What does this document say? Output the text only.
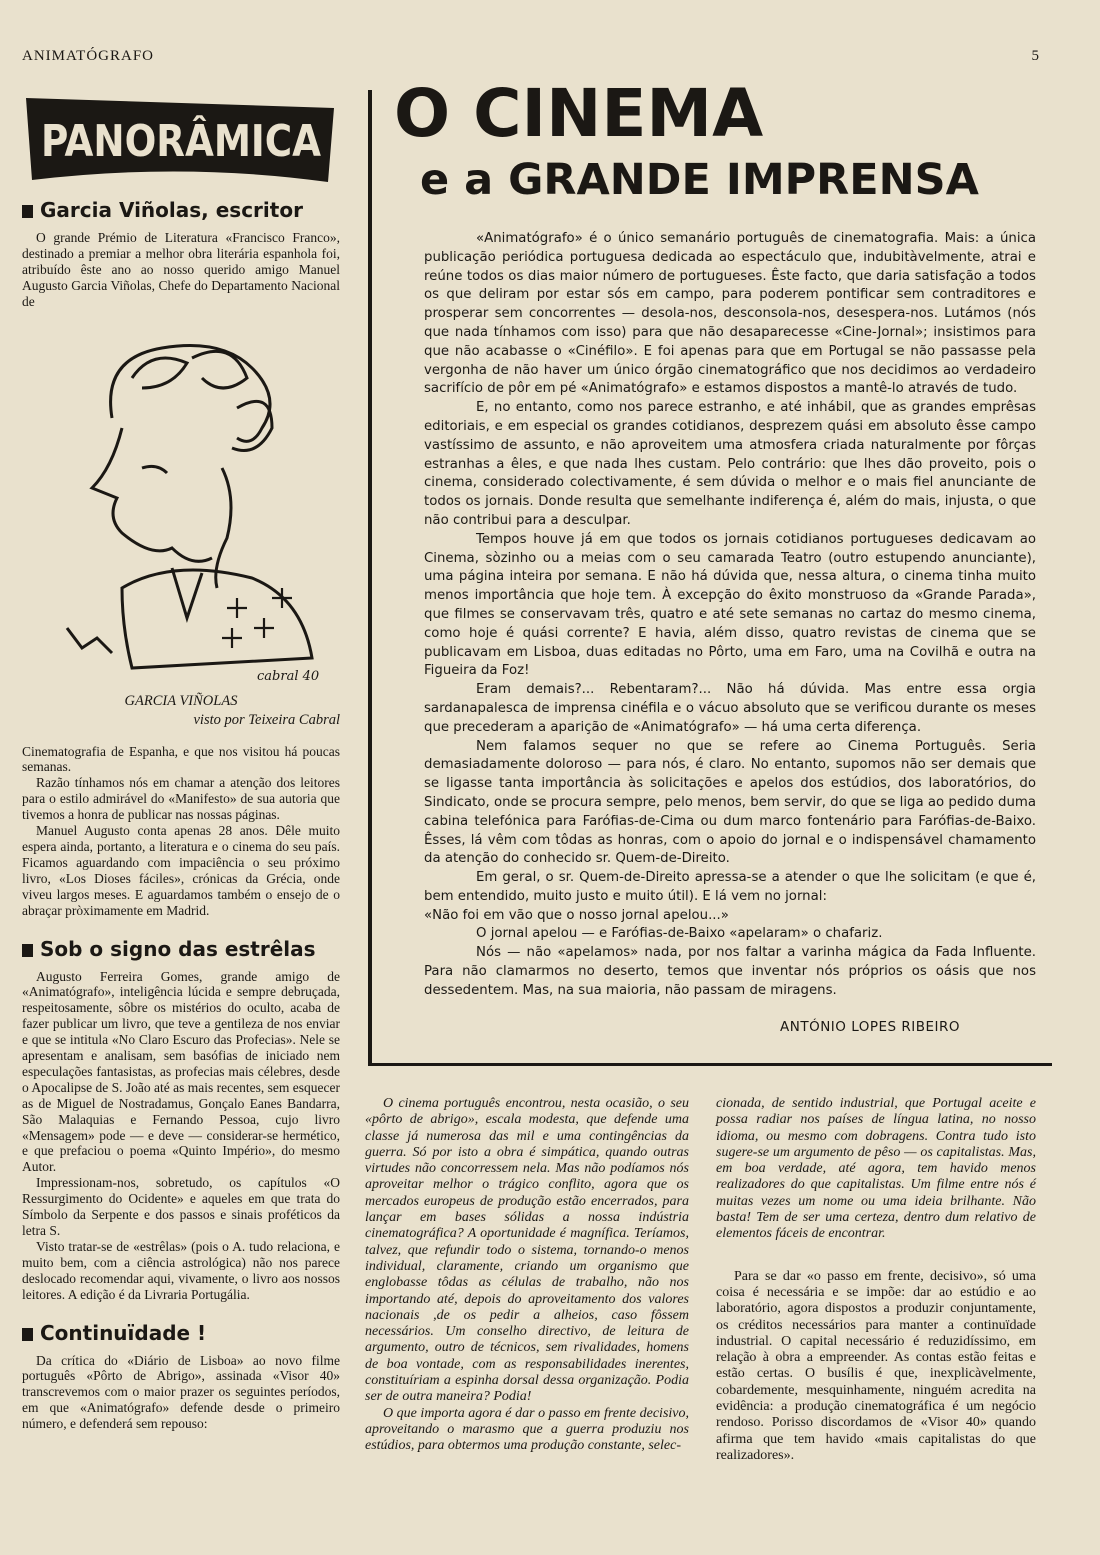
ANIMATÓGRAFO	5
PANORÂMICA
Garcia Viñolas, escritor

O grande Prémio de Literatura «Francisco Franco», destinado a premiar a melhor obra literária espanhola foi, atribuído êste ano ao nosso querido amigo Manuel Augusto Garcia Viñolas, Chefe do Departamento Nacional de

cabral 40
GARCIA VIÑOLAS
visto por Teixeira Cabral

Cinematografia de Espanha, e que nos visitou há poucas semanas.

Razão tínhamos nós em chamar a atenção dos leitores para o estilo admirável do «Manifesto» de sua autoria que tivemos a honra de publicar nas nossas páginas.

Manuel Augusto conta apenas 28 anos. Dêle muito espera ainda, portanto, a literatura e o cinema do seu país. Ficamos aguardando com impaciência o seu próximo livro, «Los Dioses fáciles», crónicas da Grécia, onde viveu largos meses. E aguardamos também o ensejo de o abraçar pròximamente em Madrid.

Sob o signo das estrêlas

Augusto Ferreira Gomes, grande amigo de «Animatógrafo», inteligência lúcida e sempre debruçada, respeitosamente, sôbre os mistérios do oculto, acaba de fazer publicar um livro, que teve a gentileza de nos enviar e que se intitula «No Claro Escuro das Profecias». Nele se apresentam e analisam, sem basófias de iniciado nem especulações fantasistas, as profecias mais célebres, desde o Apocalipse de S. João até as mais recentes, sem esquecer as de Miguel de Nostradamus, Gonçalo Eanes Bandarra, São Malaquias e Fernando Pessoa, cujo livro «Mensagem» pode — e deve — considerar-se hermético, e que prefaciou o poema «Quinto Império», do mesmo Autor.

Impressionam-nos, sobretudo, os capítulos «O Ressurgimento do Ocidente» e aqueles em que trata do Símbolo da Serpente e dos passos e sinais proféticos da letra S.

Visto tratar-se de «estrêlas» (pois o A. tudo relaciona, e muito bem, com a ciência astrológica) não nos parece deslocado recomendar aqui, vivamente, o livro aos nossos leitores. A edição é da Livraria Portugália.

Continuïdade !

Da crítica do «Diário de Lisboa» ao novo filme português «Pôrto de Abrigo», assinada «Visor 40» transcrevemos com o maior prazer os seguintes períodos, em que «Animatógrafo» defende desde o primeiro número, e defenderá sem repouso:

O CINEMA
e a GRANDE IMPRENSA

«Animatógrafo» é o único semanário português de cinematografia. Mais: a única publicação periódica portuguesa dedicada ao espectáculo que, indubitàvelmente, atrai e reúne todos os dias maior número de portugueses. Êste facto, que daria satisfação a todos os que deliram por estar sós em campo, para poderem pontificar sem contraditores e prosperar sem concorrentes — desola-nos, desconsola-nos, desespera-nos. Lutámos (nós que nada tínhamos com isso) para que não desaparecesse «Cine-Jornal»; insistimos para que não acabasse o «Cinéfilo». E foi apenas para que em Portugal se não passasse pela vergonha de não haver um único órgão cinematográfico que nos decidimos ao verdadeiro sacrifício de pôr em pé «Animatógrafo» e estamos dispostos a mantê-lo através de tudo.

E, no entanto, como nos parece estranho, e até inhábil, que as grandes emprêsas editoriais, e em especial os grandes cotidianos, desprezem quási em absoluto êsse campo vastíssimo de assunto, e não aproveitem uma atmosfera criada naturalmente por fôrças estranhas a êles, e que nada lhes custam. Pelo contrário: que lhes dão proveito, pois o cinema, considerado colectivamente, é sem dúvida o melhor e o mais fiel anunciante de todos os jornais. Donde resulta que semelhante indiferença é, além do mais, injusta, o que não contribui para a desculpar.

Tempos houve já em que todos os jornais cotidianos portugueses dedicavam ao Cinema, sòzinho ou a meias com o seu camarada Teatro (outro estupendo anunciante), uma página inteira por semana. E não há dúvida que, nessa altura, o cinema tinha muito menos importância que hoje tem. À excepção do êxito monstruoso da «Grande Parada», que filmes se conservavam três, quatro e até sete semanas no cartaz do mesmo cinema, como hoje é quási corrente? E havia, além disso, quatro revistas de cinema que se publicavam em Lisboa, duas editadas no Pôrto, uma em Faro, uma na Covilhã e outra na Figueira da Foz!

Eram demais?... Rebentaram?... Não há dúvida. Mas entre essa orgia sardanapalesca de imprensa cinéfila e o vácuo absoluto que se verificou durante os meses que precederam a aparição de «Animatógrafo» — há uma certa diferença.

Nem falamos sequer no que se refere ao Cinema Português. Seria demasiadamente doloroso — para nós, é claro. No entanto, supomos não ser demais que se ligasse tanta importância às solicitações e apelos dos estúdios, dos laboratórios, do Sindicato, onde se procura sempre, pelo menos, bem servir, do que se liga ao pedido duma cabina telefónica para Farófias-de-Cima ou dum marco fontenário para Farófias-de-Baixo. Êsses, lá vêm com tôdas as honras, com o apoio do jornal e o indispensável chamamento da atenção do conhecido sr. Quem-de-Direito.

Em geral, o sr. Quem-de-Direito apressa-se a atender o que lhe solicitam (e que é, bem entendido, muito justo e muito útil). E lá vem no jornal:

«Não foi em vão que o nosso jornal apelou...»

O jornal apelou — e Farófias-de-Baixo «apelaram» o chafariz.

Nós — não «apelamos» nada, por nos faltar a varinha mágica da Fada Influente. Para não clamarmos no deserto, temos que inventar nós próprios os oásis que nos dessedentem. Mas, na sua maioria, não passam de miragens.

ANTÓNIO LOPES RIBEIRO

O cinema português encontrou, nesta ocasião, o seu «pôrto de abrigo», escala modesta, que defende uma classe já numerosa das mil e uma contingências da guerra. Só por isto a obra é simpática, quando outras virtudes não concorressem nela. Mas não podíamos nós aproveitar melhor o trágico conflito, agora que os mercados europeus de produção estão encerrados, para lançar em bases sólidas a nossa indústria cinematográfica? A oportunidade é magnífica. Teríamos, talvez, que refundir todo o sistema, tornando-o menos individual, claramente, criando um organismo que englobasse tôdas as células de trabalho, não nos importando até, depois do aproveitamento dos valores nacionais ,de os pedir a alheios, caso fôssem necessários. Um conselho directivo, de leitura de argumento, outro de técnicos, sem rivalidades, homens de boa vontade, com as responsabilidades inerentes, constituíriam a espinha dorsal dessa organização. Podia ser de outra maneira? Podia!

O que importa agora é dar o passo em frente decisivo, aproveitando o marasmo que a guerra produziu nos estúdios, para obtermos uma produção constante, selec-

cionada, de sentido industrial, que Portugal aceite e possa radiar nos países de língua latina, no nosso idioma, ou mesmo com dobragens. Contra tudo isto sugere-se um argumento de pêso — os capitalistas. Mas, em boa verdade, até agora, tem havido menos realizadores do que capitalistas. Um filme entre nós é muitas vezes um nome ou uma ideia brilhante. Não basta! Tem de ser uma certeza, dentro dum relativo de elementos fáceis de encontrar.

Para se dar «o passo em frente, decisivo», só uma coisa é necessária e se impõe: dar ao estúdio e ao laboratório, agora dispostos a produzir conjuntamente, os créditos necessários para manter a continuïdade industrial. O capital necessário é reduzidíssimo, em relação à obra a empreender. As contas estão feitas e estão certas. O busílis é que, inexplicàvelmente, cobardemente, mesquinhamente, ninguém acredita na evidência: a produção cinematográfica é um negócio rendoso. Porisso discordamos de «Visor 40» quando afirma que tem havido «mais capitalistas do que realizadores».
